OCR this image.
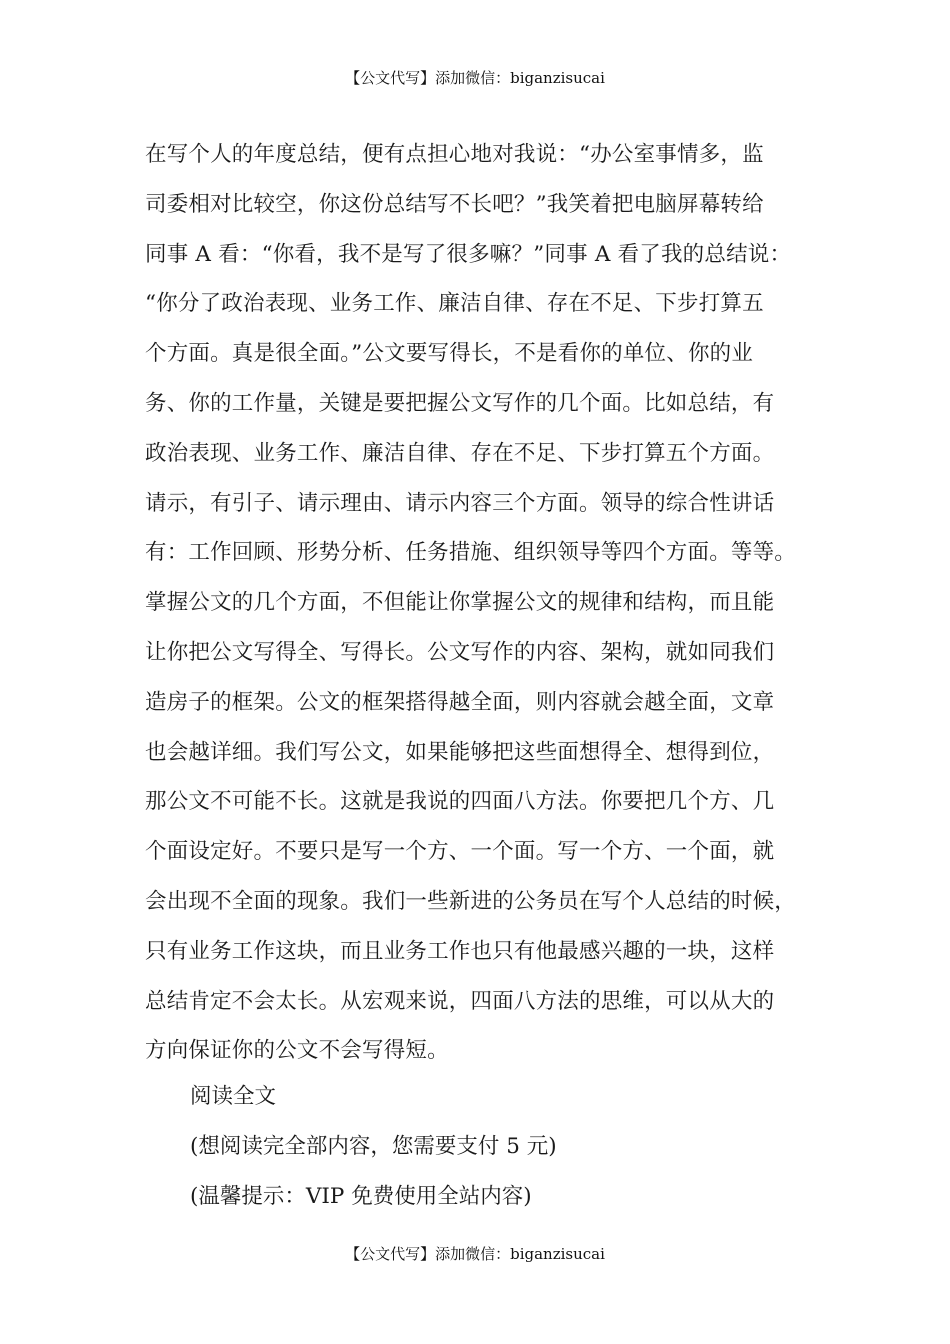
【公文代写】添加微信：biganzisucai
在写个人的年度总结，便有点担心地对我说：“办公室事情多，监
司委相对比较空，你这份总结写不长吧？”我笑着把电脑屏幕转给
同事 A 看：“你看，我不是写了很多嘛？”同事 A 看了我的总结说：
“你分了政治表现、业务工作、廉洁自律、存在不足、下步打算五
个方面。真是很全面。”公文要写得长，不是看你的单位、你的业
务、你的工作量，关键是要把握公文写作的几个面。比如总结，有
政治表现、业务工作、廉洁自律、存在不足、下步打算五个方面。
请示，有引子、请示理由、请示内容三个方面。领导的综合性讲话
有：工作回顾、形势分析、任务措施、组织领导等四个方面。等等。
掌握公文的几个方面，不但能让你掌握公文的规律和结构，而且能
让你把公文写得全、写得长。公文写作的内容、架构，就如同我们
造房子的框架。公文的框架搭得越全面，则内容就会越全面，文章
也会越详细。我们写公文，如果能够把这些面想得全、想得到位，
那公文不可能不长。这就是我说的四面八方法。你要把几个方、几
个面设定好。不要只是写一个方、一个面。写一个方、一个面，就
会出现不全面的现象。我们一些新进的公务员在写个人总结的时候，
只有业务工作这块，而且业务工作也只有他最感兴趣的一块，这样
总结肯定不会太长。从宏观来说，四面八方法的思维，可以从大的
方向保证你的公文不会写得短。
阅读全文
(想阅读完全部内容，您需要支付 5 元)
(温馨提示：VIP 免费使用全站内容)
【公文代写】添加微信：biganzisucai
